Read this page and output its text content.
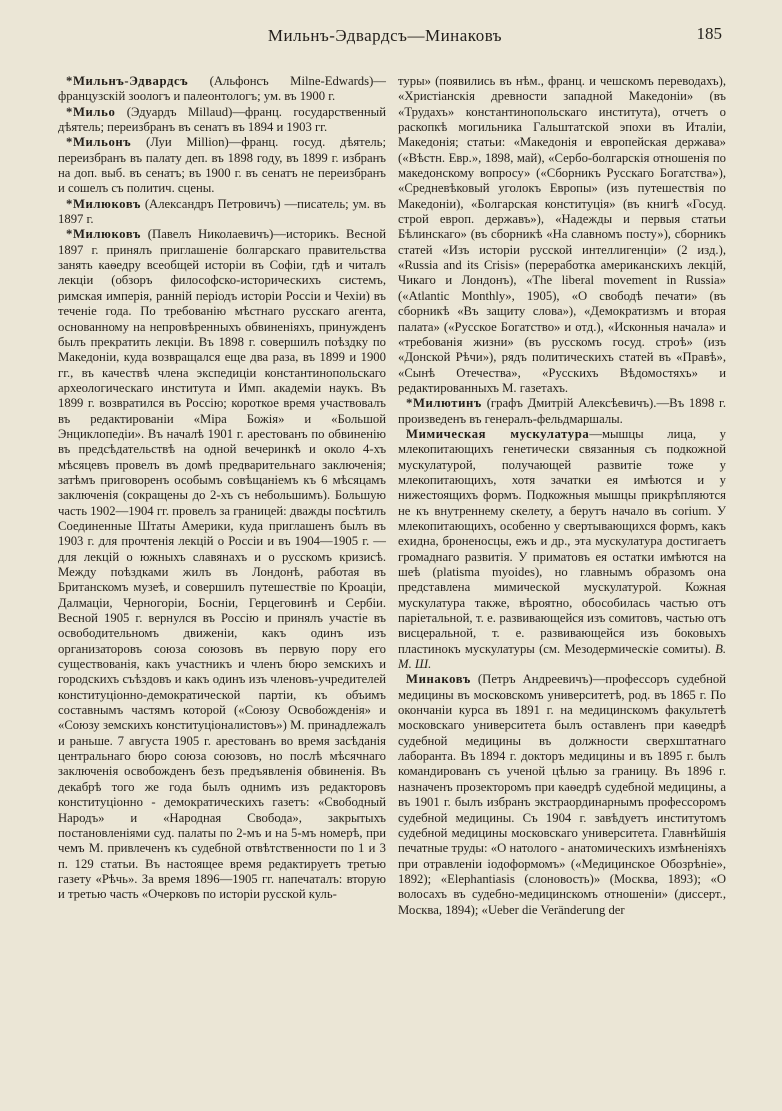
Мильнъ-Эдвардсъ—Минаковъ	185

*Мильнъ-Эдвардсъ (Альфонсъ Milne-Edwards)—французскій зоологъ и палеонтологъ; ум. въ 1900 г.

*Мильо (Эдуардъ Millaud)—франц. государственный дѣятель; переизбранъ въ сенатъ въ 1894 и 1903 гг.

*Мильонъ (Луи Million)—франц. госуд. дѣятель; переизбранъ въ палату деп. въ 1898 году, въ 1899 г. избранъ на доп. выб. въ сенатъ; въ 1900 г. въ сенатъ не переизбранъ и сошелъ съ политич. сцены.

*Милюковъ (Александръ Петровичъ) —писатель; ум. въ 1897 г.

*Милюковъ (Павелъ Николаевичъ)—историкъ. Весной 1897 г. принялъ приглашеніе болгарскаго правительства занять каѳедру всеобщей исторіи въ Софіи, гдѣ и читалъ лекціи (обзоръ философско-историческихъ системъ, римская имперія, ранній періодъ исторіи Россіи и Чехіи) въ теченіе года. По требованію мѣстнаго русскаго агента, основанному на непровѣренныхъ обвиненіяхъ, принужденъ былъ прекратить лекціи. Въ 1898 г. совершилъ поѣздку по Македоніи, куда возвращался еще два раза, въ 1899 и 1900 гг., въ качествѣ члена экспедиціи константинопольскаго археологическаго института и Имп. академіи наукъ. Въ 1899 г. возвратился въ Россію; короткое время участвовалъ въ редактированіи «Міра Божія» и «Большой Энциклопедіи». Въ началѣ 1901 г. арестованъ по обвиненію въ предсѣдательствѣ на одной вечеринкѣ и около 4-хъ мѣсяцевъ провелъ въ домѣ предварительнаго заключенія; затѣмъ приговоренъ особымъ совѣщаніемъ къ 6 мѣсяцамъ заключенія (сокращены до 2-хъ съ небольшимъ). Большую часть 1902—1904 гг. провелъ за границей: дважды посѣтилъ Соединенные Штаты Америки, куда приглашенъ былъ въ 1903 г. для прочтенія лекцій о Россіи и въ 1904—1905 г. — для лекцій о южныхъ славянахъ и о русскомъ кризисѣ. Между поѣздками жилъ въ Лондонѣ, работая въ Британскомъ музеѣ, и совершилъ путешествіе по Кроаціи, Далмаціи, Черногоріи, Босніи, Герцеговинѣ и Сербіи. Весной 1905 г. вернулся въ Россію и принялъ участіе въ освободительномъ движеніи, какъ одинъ изъ организаторовъ союза союзовъ въ первую пору его существованія, какъ участникъ и членъ бюро земскихъ и городскихъ съѣздовъ и какъ одинъ изъ членовъ-учредителей конституціонно-демократической партіи, къ объимъ составнымъ частямъ которой («Союзу Освобожденія» и «Союзу земскихъ конституціоналистовъ») М. принадлежалъ и раньше. 7 августа 1905 г. арестованъ во время засѣданія центральнаго бюро союза союзовъ, но послѣ мѣсячнаго заключенія освобожденъ безъ предъявленія обвиненія. Въ декабрѣ того же года былъ однимъ изъ редакторовъ конституціонно - демократическихъ газетъ: «Свободный Народъ» и «Народная Свобода», закрытыхъ постановленіями суд. палаты по 2-мъ и на 5-мъ номерѣ, при чемъ М. привлеченъ къ судебной отвѣтственности по 1 и 3 п. 129 статьи. Въ настоящее время редактируетъ третью газету «Рѣчь». За время 1896—1905 гг. напечаталъ: вторую и третью часть «Очерковъ по исторіи русской куль-

туры» (появились въ нѣм., франц. и чешскомъ переводахъ), «Христіанскія древности западной Македоніи» (въ «Трудахъ» константинопольскаго института), отчетъ о раскопкѣ могильника Гальштатской эпохи въ Италіи, Македонія; статьи: «Македонія и европейская держава» («Вѣстн. Евр.», 1898, май), «Сербо-болгарскія отношенія по македонскому вопросу» («Сборникъ Русскаго Богатства»), «Средневѣковый уголокъ Европы» (изъ путешествія по Македоніи), «Болгарская конституція» (въ книгѣ «Госуд. строй европ. державъ»), «Надежды и первыя статьи Бѣлинскаго» (въ сборникѣ «На славномъ посту»), сборникъ статей «Изъ исторіи русской интеллигенціи» (2 изд.), «Russia and its Crisis» (переработка американскихъ лекцій, Чикаго и Лондонъ), «The liberal movement in Russia» («Atlantic Monthly», 1905), «О свободѣ печати» (въ сборникѣ «Въ защиту слова»), «Демократизмъ и вторая палата» («Русское Богатство» и отд.), «Исконныя начала» и «требованія жизни» (въ русскомъ госуд. строѣ» (изъ «Донской Рѣчи»), рядъ политическихъ статей въ «Правѣ», «Сынѣ Отечества», «Русскихъ Вѣдомостяхъ» и редактированныхъ М. газетахъ.

*Милютинъ (графъ Дмитрій Алексѣевичъ).—Въ 1898 г. произведенъ въ генералъ-фельдмаршалы.

Мимическая мускулатура—мышцы лица, у млекопитающихъ генетически связанныя съ подкожной мускулатурой, получающей развитіе тоже у млекопитающихъ, хотя зачатки ея имѣются и у нижестоящихъ формъ. Подкожныя мышцы прикрѣпляются не къ внутреннему скелету, а берутъ начало въ corium. У млекопитающихъ, особенно у свертывающихся формъ, какъ ехидна, броненосцы, ежъ и др., эта мускулатура достигаетъ громаднаго развитія. У приматовъ ея остатки имѣются на шеѣ (platisma myoides), но главнымъ образомъ она представлена мимической мускулатурой. Кожная мускулатура также, вѣроятно, обособилась частью отъ паріетальной, т. е. развивающейся изъ сомитовъ, частью отъ висцеральной, т. е. развивающейся изъ боковыхъ пластинокъ мускулатуры (см. Мезодермическіе сомиты). В. М. Ш.

Минаковъ (Петръ Андреевичъ)—профессоръ судебной медицины въ московскомъ университетѣ, род. въ 1865 г. По окончаніи курса въ 1891 г. на медицинскомъ факультетѣ московскаго университета былъ оставленъ при каѳедрѣ судебной медицины въ должности сверхштатнаго лаборанта. Въ 1894 г. докторъ медицины и въ 1895 г. былъ командированъ съ ученой цѣлью за границу. Въ 1896 г. назначенъ прозекторомъ при каѳедрѣ судебной медицины, а въ 1901 г. былъ избранъ экстраординарнымъ профессоромъ судебной медицины. Съ 1904 г. завѣдуетъ институтомъ судебной медицины московскаго университета. Главнѣйшія печатные труды: «О натолого - анатомическихъ измѣненіяхъ при отравленіи іодоформомъ» («Медицинское Обозрѣніе», 1892); «Elephantiasis (слоновость)» (Москва, 1893); «О волосахъ въ судебно-медицинскомъ отношеніи» (диссерт., Москва, 1894); «Ueber die Veränderung der
